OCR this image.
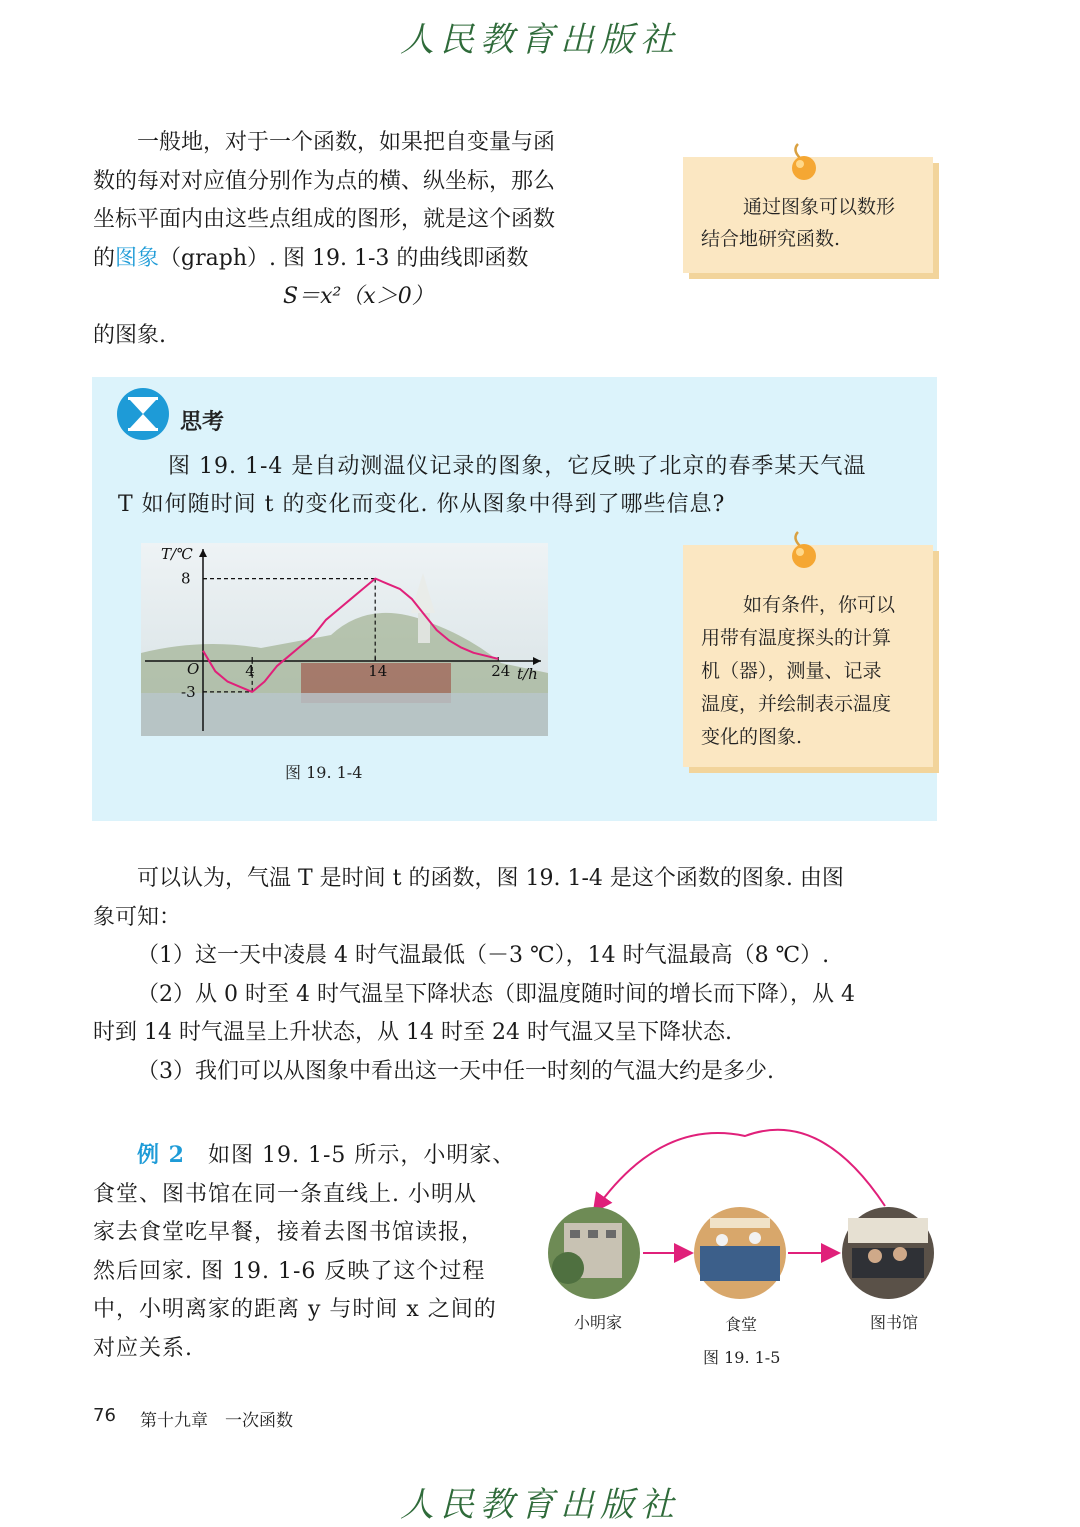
人民教育出版社

一般地，对于一个函数，如果把自变量与函

数的每对对应值分别作为点的横、纵坐标，那么

坐标平面内由这些点组成的图形，就是这个函数

的图象（graph）. 图 19. 1-3 的曲线即函数

S＝x²（x＞0）

的图象.

通过图象可以数形
结合地研究函数.
思考

图 19. 1-4 是自动测温仪记录的图象，它反映了北京的春季某天气温

T 如何随时间 t 的变化而变化. 你从图象中得到了哪些信息?

T/℃
t/h
O	4	14	24
8
-3
图 19. 1-4
如有条件，你可以
用带有温度探头的计算
机（器），测量、记录
温度，并绘制表示温度
变化的图象.

可以认为，气温 T 是时间 t 的函数，图 19. 1-4 是这个函数的图象. 由图

象可知：

（1）这一天中凌晨 4 时气温最低（－3 ℃），14 时气温最高（8 ℃）.

（2）从 0 时至 4 时气温呈下降状态（即温度随时间的增长而下降），从 4

时到 14 时气温呈上升状态，从 14 时至 24 时气温又呈下降状态.

（3）我们可以从图象中看出这一天中任一时刻的气温大约是多少.

例 2　 如图 19. 1-5 所示，小明家、

食堂、图书馆在同一条直线上. 小明从

家去食堂吃早餐，接着去图书馆读报，

然后回家. 图 19. 1-6 反映了这个过程

中，小明离家的距离 y 与时间 x 之间的

对应关系.

小明家	食堂	图书馆
图 19. 1-5
76 第十九章　一次函数
人民教育出版社
